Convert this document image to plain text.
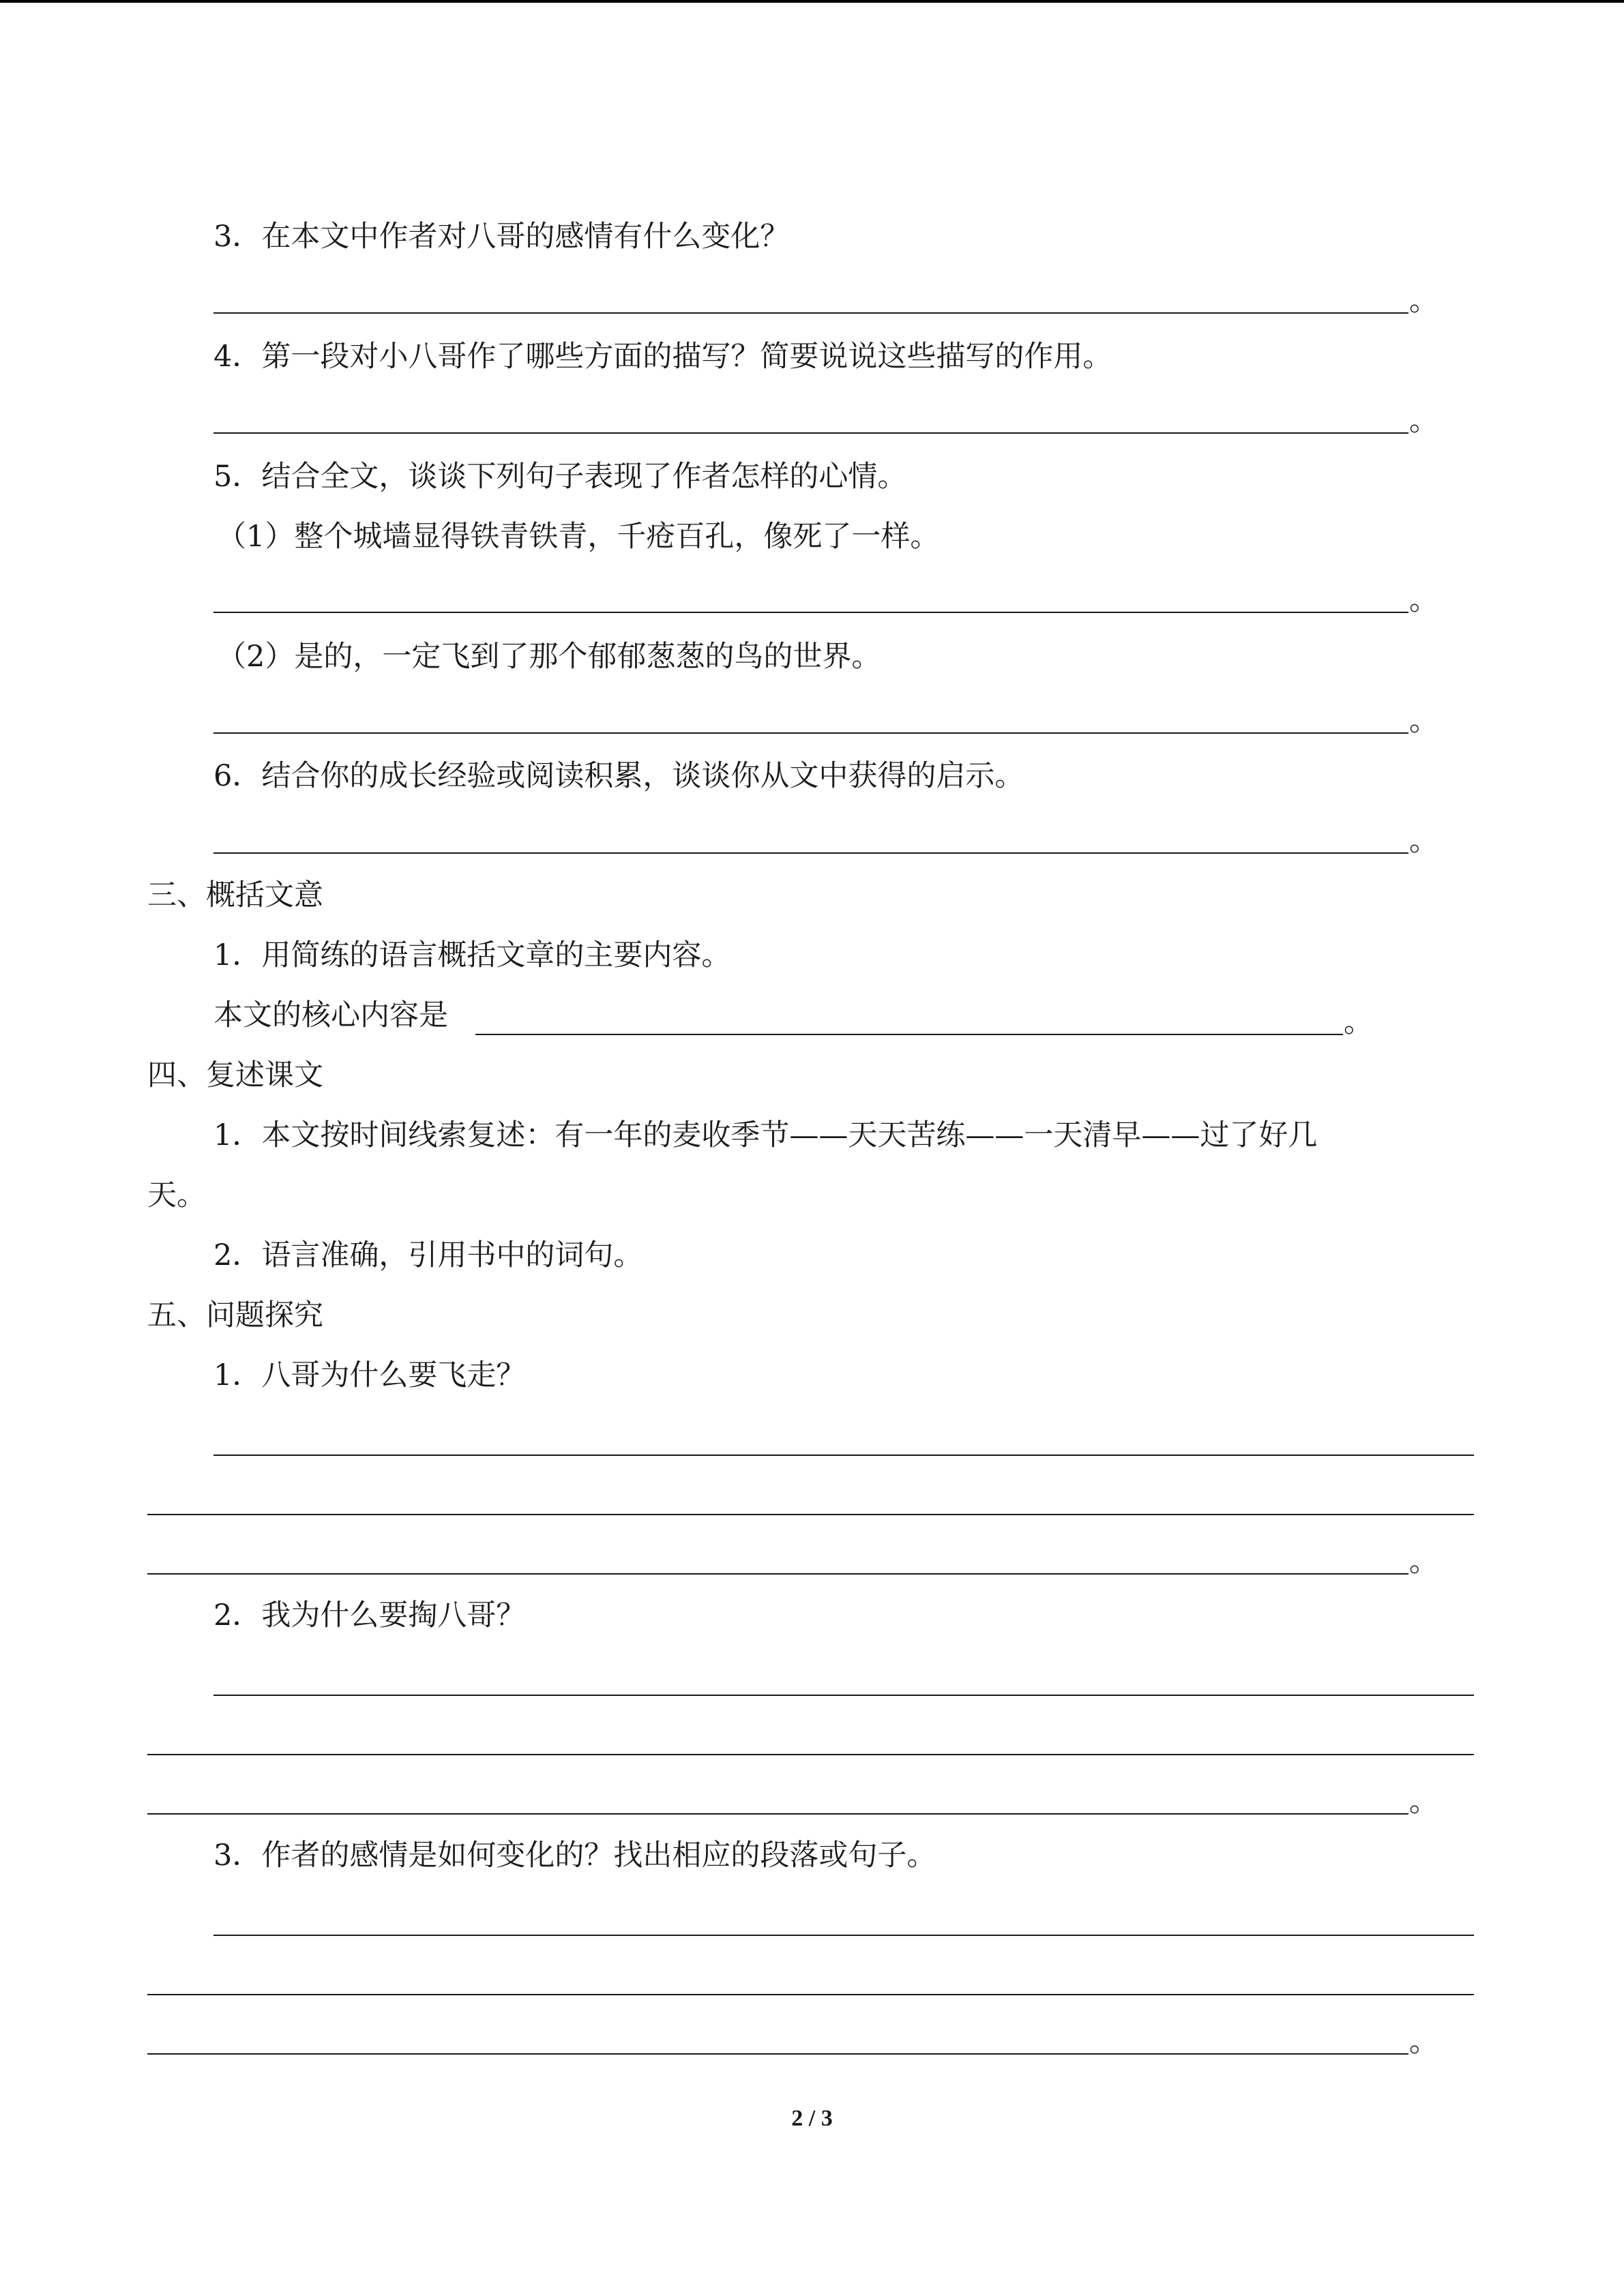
3．在本文中作者对八哥的感情有什么变化？
。
4．第一段对小八哥作了哪些方面的描写？简要说说这些描写的作用。
。
5．结合全文，谈谈下列句子表现了作者怎样的心情。
（1）整个城墙显得铁青铁青，千疮百孔，像死了一样。
。
（2）是的，一定飞到了那个郁郁葱葱的鸟的世界。
。
6．结合你的成长经验或阅读积累，谈谈你从文中获得的启示。
。
三、概括文意
1．用简练的语言概括文章的主要内容。
本文的核心内容是	。
四、复述课文
1．本文按时间线索复述：有一年的麦收季节——天天苦练——一天清早——过了好几
天。
2．语言准确，引用书中的词句。
五、问题探究
1．八哥为什么要飞走？
。
2．我为什么要掏八哥？
。
3．作者的感情是如何变化的？找出相应的段落或句子。
。
2 / 3
